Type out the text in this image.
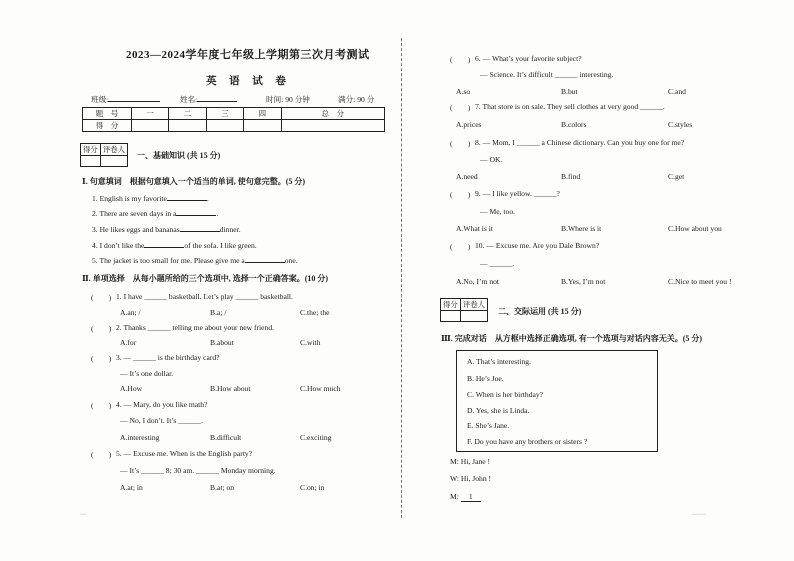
2023—2024学年度七年级上学期第三次月考测试
英 语 试 卷
班级:	姓名:	时间: 90 分钟	满分: 90 分
题　号	一	二	三	四	总　分
得　分					
得分	评卷人

一、基础知识 (共 15 分)
Ⅰ. 句意填词　根据句意填入一个适当的单词, 使句意完整。(5 分)
1. English is my favorite	.
2. There are seven days in a	.
3. He likes eggs and bananas	dinner.
4. I don’t like the	of the sofa. I like green.
5. The jacket is too small for me. Please give me a	one.
Ⅱ. 单项选择　从每小题所给的三个选项中, 选择一个正确答案。(10 分)
(　　) 1. I have ______ basketball. Let’s play ______ basketball.
A.an; /	B.a; /	C.the; the
(　　) 2. Thanks ______ telling me about your new friend.
A.for	B.about	C.with
(　　) 3. — ______ is the birthday card?
— It’s one dollar.
A.How	B.How about	C.How much
(　　) 4. — Mary, do you like math?
— No, I don’t. It’s ______.
A.interesting	B.difficult	C.exciting
(　　) 5. — Excuse me. When is the English party?
— It’s ______ 8; 30 am. ______ Monday morning.
A.at; in	B.at; on	C.on; in
···
(　　) 6. — What’s your favorite subject?
— Science. It’s difficult ______ interesting.
A.so	B.but	C.and
(　　) 7. That store is on sale. They sell clothes at very good ______.
A.prices	B.colors	C.styles
(　　) 8. — Mom, I ______ a Chinese dictionary. Can you buy one for me?
— OK.
A.need	B.find	C.get
(　　) 9. — I like yellow. ______?
— Me, too.
A.What is it	B.Where is it	C.How about you
(　　) 10. — Excuse me. Are you Dale Brown?
— ______.
A.No, I’m not	B.Yes, I’m not	C.Nice to meet you !
得分	评卷人

二、交际运用 (共 15 分)
Ⅲ. 完成对话　从方框中选择正确选项, 有一个选项与对话内容无关。(5 分)
A. That’s interesting.
B. He’s Joe.
C. When is her birthday?
D. Yes, she is Linda.
E. She’s Jane.
F. Do you have any brothers or sisters ?
M: Hi, Jane !
W: Hi, John !
M: 1
·······
